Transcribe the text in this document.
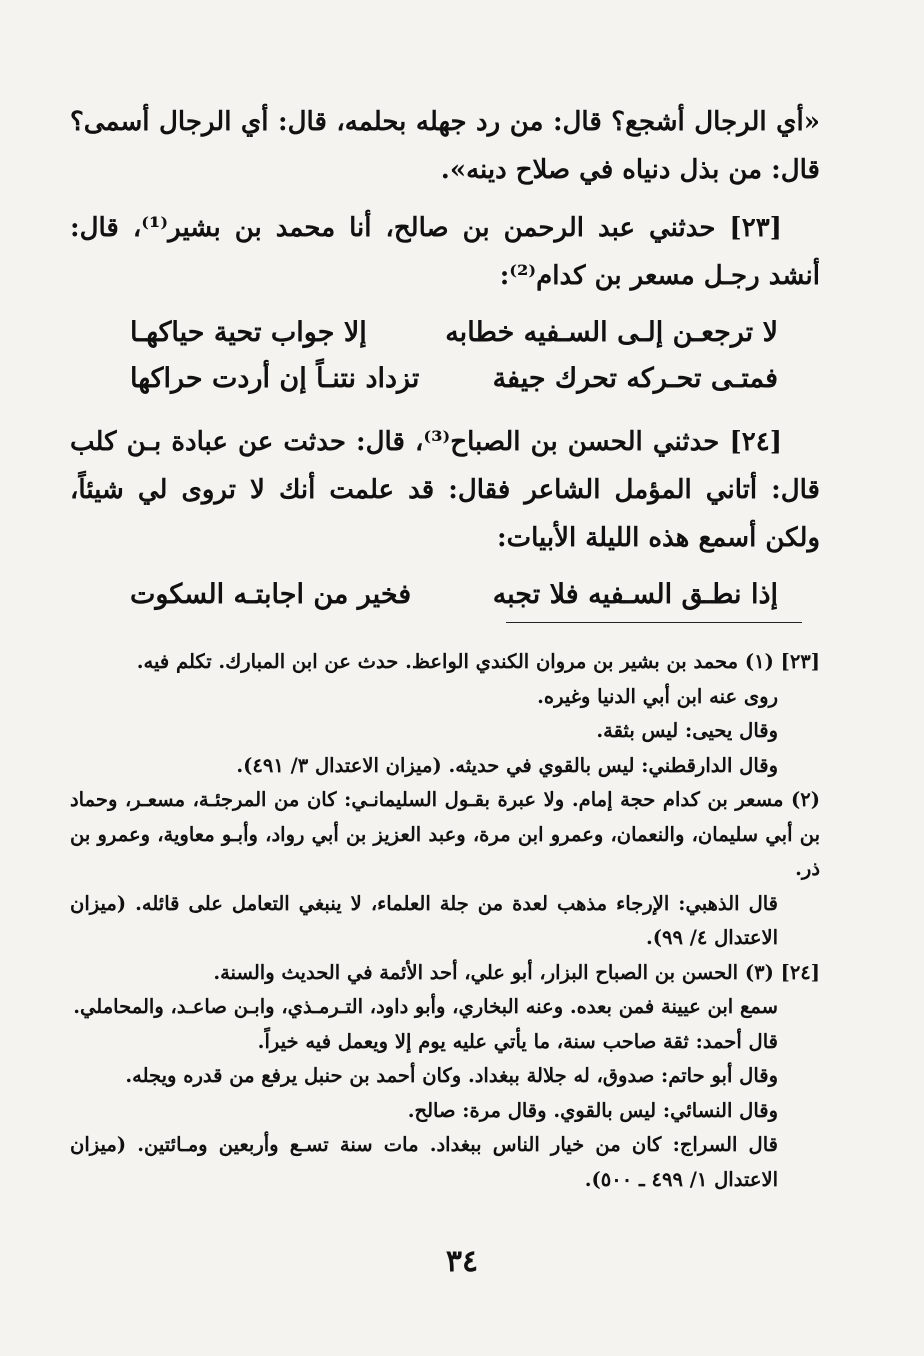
«أي الرجال أشجع؟ قال: من رد جهله بحلمه، قال: أي الرجال أسمى؟ قال: من بذل دنياه في صلاح دينه».

[٢٣] حدثني عبد الرحمن بن صالح، أنا محمد بن بشير⁽¹⁾، قال: أنشد رجـل مسعر بن كدام⁽²⁾:

لا ترجعـن إلـى السـفيه خطابه
إلا جواب تحية حياكهـا
فمتـى تحـركه تحرك جيفة
تزداد نتنـاً إن أردت حراكها

[٢٤] حدثني الحسن بن الصباح⁽³⁾، قال: حدثت عن عبادة بـن كلب قال: أتاني المؤمل الشاعر فقال: قد علمت أنك لا تروى لي شيئاً، ولكن أسمع هذه الليلة الأبيات:

إذا نطـق السـفيه فلا تجبه
فخير من اجابتـه السكوت

[٢٣] (١) محمد بن بشير بن مروان الكندي الواعظ. حدث عن ابن المبارك. تكلم فيه.

روى عنه ابن أبي الدنيا وغيره.

وقال يحيى: ليس بثقة.

وقال الدارقطني: ليس بالقوي في حديثه. (ميزان الاعتدال ٣/ ٤٩١).

(٢) مسعر بن كدام حجة إمام. ولا عبرة بقـول السليمانـي: كان من المرجئـة، مسعـر، وحماد بن أبي سليمان، والنعمان، وعمرو ابن مرة، وعبد العزيز بن أبي رواد، وأبـو معاوية، وعمرو بن ذر.

قال الذهبي: الإرجاء مذهب لعدة من جلة العلماء، لا ينبغي التعامل على قائله. (ميزان الاعتدال ٤/ ٩٩).

[٢٤] (٣) الحسن بن الصباح البزار، أبو علي، أحد الأئمة في الحديث والسنة.

سمع ابن عيينة فمن بعده. وعنه البخاري، وأبو داود، التـرمـذي، وابـن صاعـد، والمحاملي.

قال أحمد: ثقة صاحب سنة، ما يأتي عليه يوم إلا ويعمل فيه خيراً.

وقال أبو حاتم: صدوق، له جلالة ببغداد. وكان أحمد بن حنبل يرفع من قدره ويجله.

وقال النسائي: ليس بالقوي. وقال مرة: صالح.

قال السراج: كان من خيار الناس ببغداد. مات سنة تسـع وأربعين ومـائتين. (ميزان الاعتدال ١/ ٤٩٩ ـ ٥٠٠).

٣٤
